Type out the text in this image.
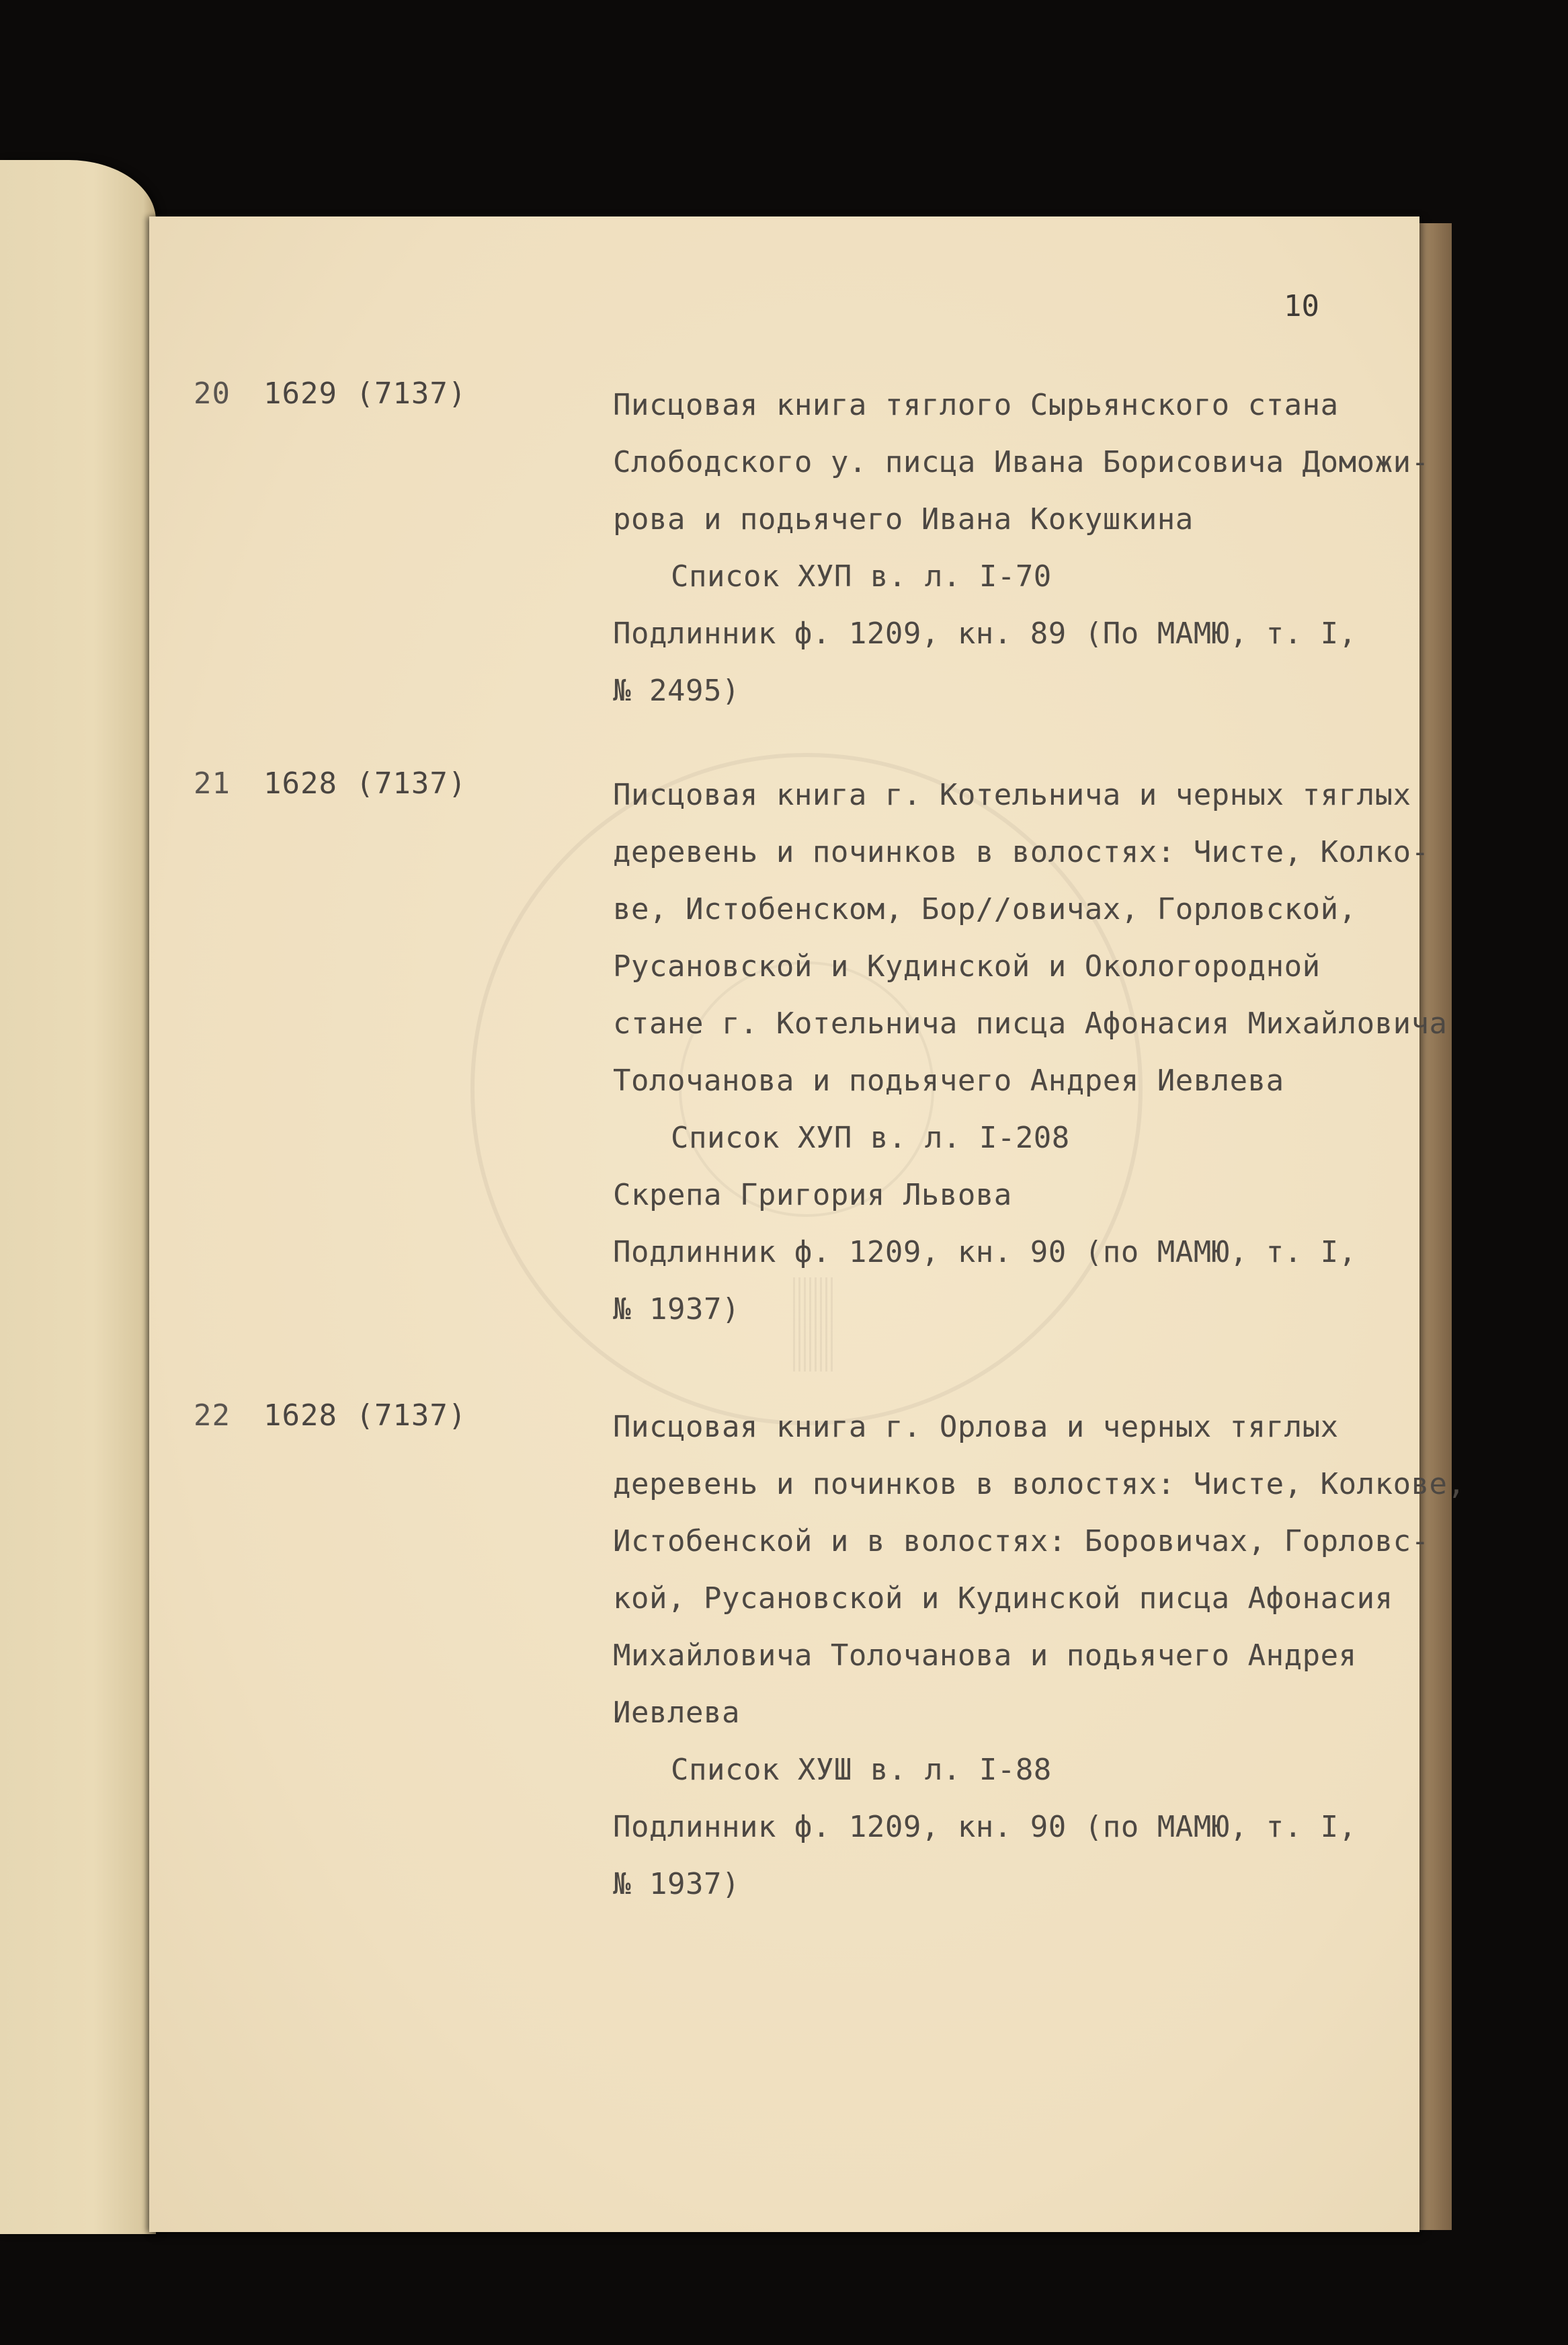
10
20 1629 (7137)	Писцовая книга тяглого Сырьянского стана
Слободского у. писца Ивана Борисовича Доможи-
рова и подьячего Ивана Кокушкина
Список ХУП в. л. I-70
Подлинник ф. 1209, кн. 89 (По МАМЮ, т. I,
№ 2495)
21 1628 (7137)	Писцовая книга г. Котельнича и черных тяглых
деревень и починков в волостях: Чисте, Колко-
ве, Истобенском, Бор//овичах, Горловской,
Русановской и Кудинской и Окологородной
стане г. Котельнича писца Афонасия Михайловича
Толочанова и подьячего Андрея Иевлева
Список ХУП в. л. I-208
Скрепа Григория Львова
Подлинник ф. 1209, кн. 90 (по МАМЮ, т. I,
№ 1937)
22 1628 (7137)	Писцовая книга г. Орлова и черных тяглых
деревень и починков в волостях: Чисте, Колкове,
Истобенской и в волостях: Боровичах, Горловс-
кой, Русановской и Кудинской писца Афонасия
Михайловича Толочанова и подьячего Андрея
Иевлева
Список ХУШ в. л. I-88
Подлинник ф. 1209, кн. 90 (по МАМЮ, т. I,
№ 1937)
